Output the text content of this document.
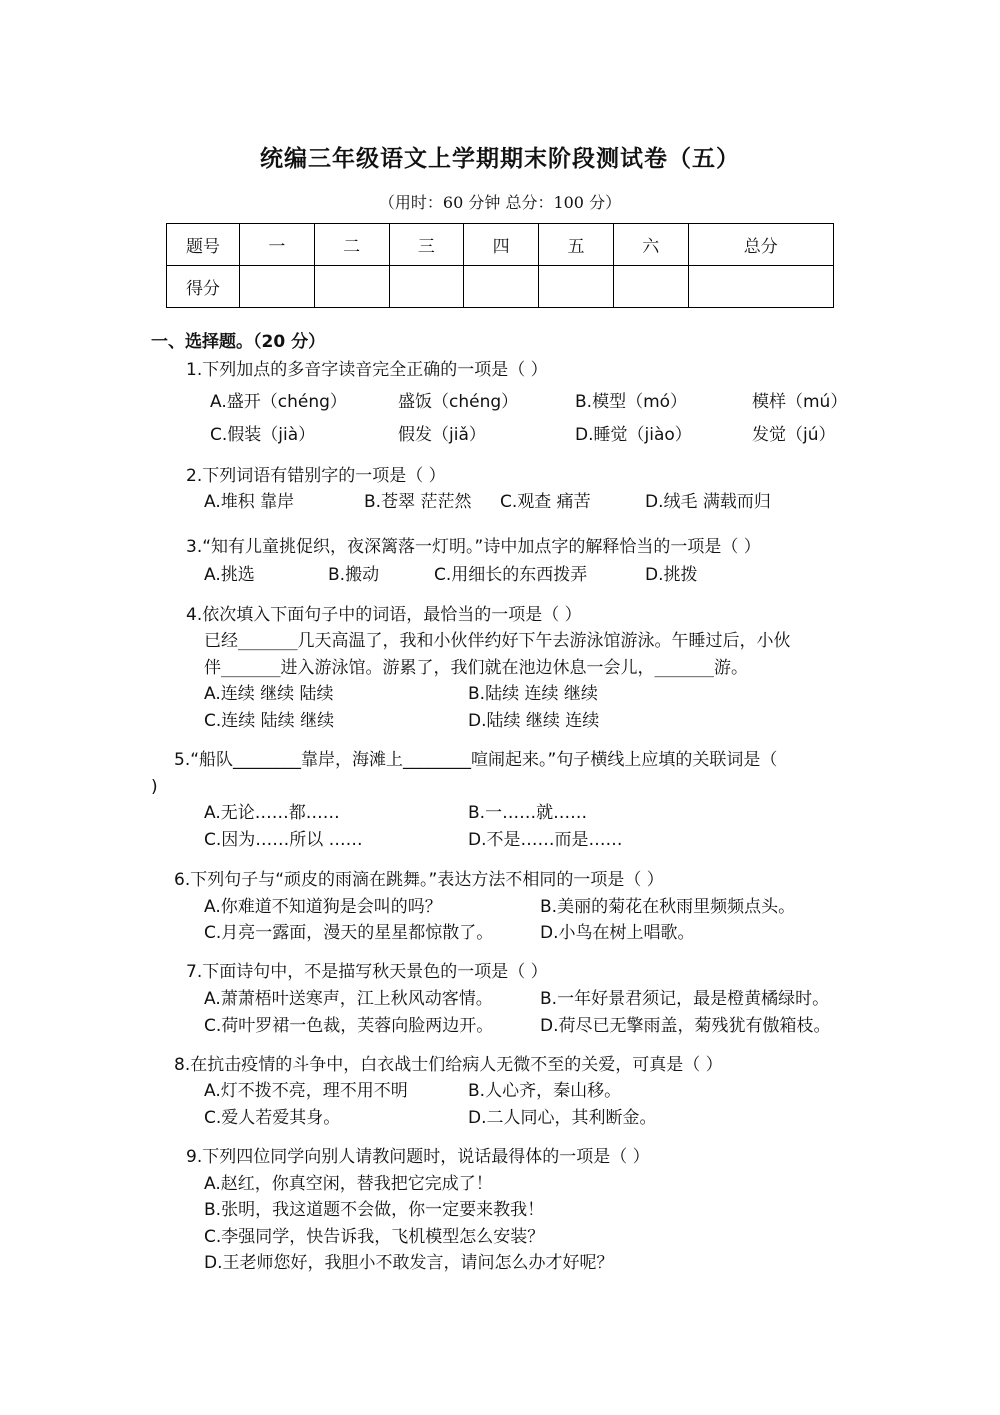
统编三年级语文上学期期末阶段测试卷（五）
（用时：60 分钟 总分：100 分）
题号	一	二	三	四	五	六	总分
得分							
一、选择题。（20 分）
1.下列加点的多音字读音完全正确的一项是（ ）
A.盛开（chéng）	盛饭（chéng）	B.模型（mó）	模样（mú）
C.假装（jià）	假发（jiǎ）	D.睡觉（jiào）	发觉（jú）
2.下列词语有错别字的一项是（ ）
A.堆积 靠岸	B.苍翠 茫茫然 C.观查 痛苦	D.绒毛 满载而归
3.“知有儿童挑促织，夜深篱落一灯明。”诗中加点字的解释恰当的一项是（ ）
A.挑选	B.搬动	C.用细长的东西拨弄	D.挑拨
4.依次填入下面句子中的词语，最恰当的一项是（ ）
已经_______几天高温了，我和小伙伴约好下午去游泳馆游泳。午睡过后，小伙
伴_______进入游泳馆。游累了，我们就在池边休息一会儿，_______游。
A.连续 继续 陆续	B.陆续 连续 继续
C.连续 陆续 继续	D.陆续 继续 连续
5.“船队________靠岸，海滩上________喧闹起来。”句子横线上应填的关联词是（
)
A.无论……都……	B.一……就……
C.因为……所以 ……	D.不是……而是……
6.下列句子与“顽皮的雨滴在跳舞。”表达方法不相同的一项是（ ）
A.你难道不知道狗是会叫的吗？	B.美丽的菊花在秋雨里频频点头。
C.月亮一露面，漫天的星星都惊散了。	D.小鸟在树上唱歌。
7.下面诗句中，不是描写秋天景色的一项是（ ）
A.萧萧梧叶送寒声，江上秋风动客情。	B.一年好景君须记，最是橙黄橘绿时。
C.荷叶罗裙一色裁，芙蓉向脸两边开。	D.荷尽已无擎雨盖，菊残犹有傲箱枝。
8.在抗击疫情的斗争中，白衣战士们给病人无微不至的关爱，可真是（ ）
A.灯不拨不亮，理不用不明	B.人心齐，秦山移。
C.爱人若爱其身。	D.二人同心，其利断金。
9.下列四位同学向别人请教问题时，说话最得体的一项是（ ）
A.赵红，你真空闲，替我把它完成了！
B.张明，我这道题不会做，你一定要来教我！
C.李强同学，快告诉我，飞机模型怎么安装？
D.王老师您好，我胆小不敢发言，请问怎么办才好呢？
